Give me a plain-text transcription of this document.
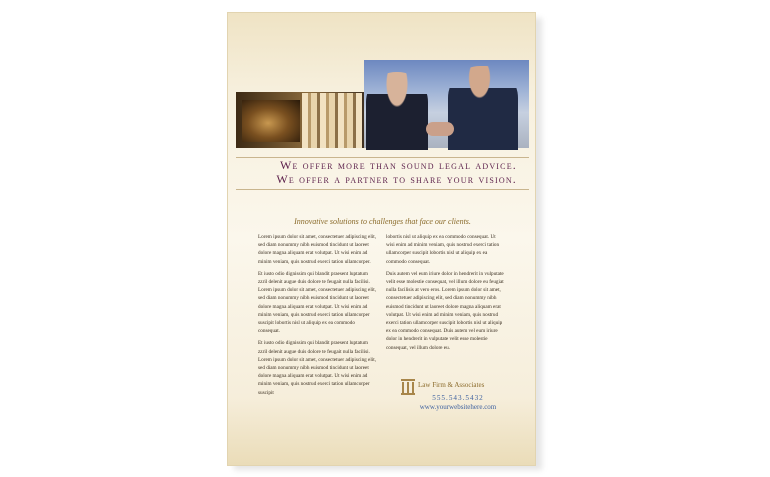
We offer more than sound legal advice.
We offer a partner to share your vision.
Innovative solutions to challenges that face our clients.

Lorem ipsum dolor sit amet, consectetuer adipiscing elit, sed diam nonummy nibh euismod tincidunt ut laoreet dolore magna aliquam erat volutpat. Ut wisi enim ad minim veniam, quis nostrud exerci tation ullamcorper.

Et iusto odio dignissim qui blandit praesent luptatum zzril delenit augue duis dolore te feugait nulla facilisi. Lorem ipsum dolor sit amet, consectetuer adipiscing elit, sed diam nonummy nibh euismod tincidunt ut laoreet dolore magna aliquam erat volutpat. Ut wisi enim ad minim veniam, quis nostrud exerci tation ullamcorper suscipit lobortis nisl ut aliquip ex ea commodo consequat.

Et iusto odio dignissim qui blandit praesent luptatum zzril delenit augue duis dolore te feugait nulla facilisi. Lorem ipsum dolor sit amet, consectetuer adipiscing elit, sed diam nonummy nibh euismod tincidunt ut laoreet dolore magna aliquam erat volutpat. Ut wisi enim ad minim veniam, quis nostrud exerci tation ullamcorper suscipit

lobortis nisl ut aliquip ex ea commodo consequat. Ut wisi enim ad minim veniam, quis nostrud exerci tation ullamcorper suscipit lobortis nisl ut aliquip ex ea commodo consequat.

Duis autem vel eum iriure dolor in hendrerit in vulputate velit esse molestie consequat, vel illum dolore eu feugiat nulla facilisis at vero eros. Lorem ipsum dolor sit amet, consectetuer adipiscing elit, sed diam nonummy nibh euismod tincidunt ut laoreet dolore magna aliquam erat volutpat. Ut wisi enim ad minim veniam, quis nostrud exerci tation ullamcorper suscipit lobortis nisl ut aliquip ex ea commodo consequat. Duis autem vel eum iriure dolor in hendrerit in vulputate velit esse molestie consequat, vel illum dolore eu.

Law Firm & Associates
555.543.5432
www.yourwebsitehere.com
